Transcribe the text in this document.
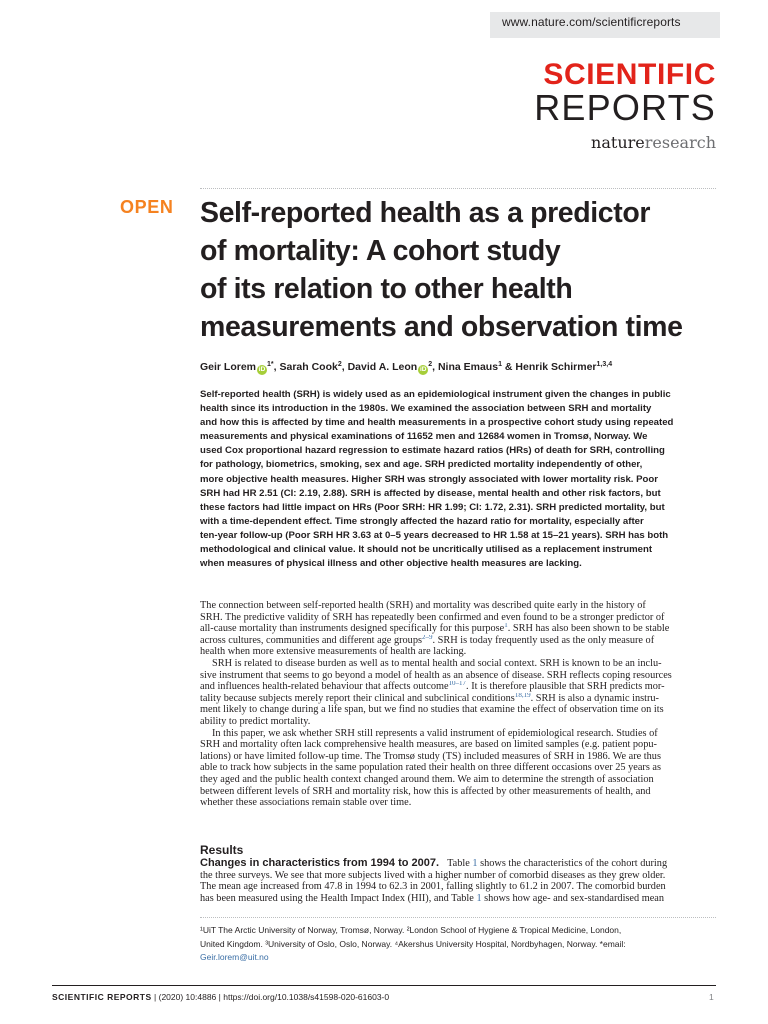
www.nature.com/scientificreports
SCIENTIFIC
REPORTS
natureresearch
OPEN Self-reported health as a predictor
of mortality: A cohort study
of its relation to other health
measurements and observation time
Geir Lorem $iD^{1*}$, Sarah Cook$^2$, David A. Leon $iD^2$, Nina Emaus$^1$ & Henrik Schirmer$^{1,3,4}$
Self-reported health (SRH) is widely used as an epidemiological instrument given the changes in public
health since its introduction in the 1980s. We examined the association between SRH and mortality
and how this is affected by time and health measurements in a prospective cohort study using repeated
measurements and physical examinations of 11652 men and 12684 women in Tromsø, Norway. We
used Cox proportional hazard regression to estimate hazard ratios (HRs) of death for SRH, controlling
for pathology, biometrics, smoking, sex and age. SRH predicted mortality independently of other,
more objective health measures. Higher SRH was strongly associated with lower mortality risk. Poor
SRH had HR 2.51 (CI: 2.19, 2.88). SRH is affected by disease, mental health and other risk factors, but
these factors had little impact on HRs (Poor SRH: HR 1.99; CI: 1.72, 2.31). SRH predicted mortality, but
with a time-dependent effect. Time strongly affected the hazard ratio for mortality, especially after
ten-year follow-up (Poor SRH HR 3.63 at 0–5 years decreased to HR 1.58 at 15–21 years). SRH has both
methodological and clinical value. It should not be uncritically utilised as a replacement instrument
when measures of physical illness and other objective health measures are lacking.
The connection between self-reported health (SRH) and mortality was described quite early in the history of
SRH. The predictive validity of SRH has repeatedly been confirmed and even found to be a stronger predictor of
all-cause mortality than instruments designed specifically for this purpose$^1$. SRH has also been shown to be stable
across cultures, communities and different age groups$^{2-9}$. SRH is today frequently used as the only measure of
health when more extensive measurements of health are lacking.
SRH is related to disease burden as well as to mental health and social context. SRH is known to be an inclu-
sive instrument that seems to go beyond a model of health as an absence of disease. SRH reflects coping resources
and influences health-related behaviour that affects outcome$^{10-17}$. It is therefore plausible that SRH predicts mor-
tality because subjects merely report their clinical and subclinical conditions$^{18,19}$. SRH is also a dynamic instru-
ment likely to change during a life span, but we find no studies that examine the effect of observation time on its
ability to predict mortality.
In this paper, we ask whether SRH still represents a valid instrument of epidemiological research. Studies of
SRH and mortality often lack comprehensive health measures, are based on limited samples (e.g. patient popu-
lations) or have limited follow-up time. The Tromsø study (TS) included measures of SRH in 1986. We are thus
able to track how subjects in the same population rated their health on three different occasions over 25 years as
they aged and the public health context changed around them. We aim to determine the strength of association
between different levels of SRH and mortality risk, how this is affected by other measurements of health, and
whether these associations remain stable over time.
Results
Changes in characteristics from 1994 to 2007. Table 1 shows the characteristics of the cohort during
the three surveys. We see that more subjects lived with a higher number of comorbid diseases as they grew older.
The mean age increased from 47.8 in 1994 to 62.3 in 2001, falling slightly to 61.2 in 2007. The comorbid burden
has been measured using the Health Impact Index (HII), and Table 1 shows how age- and sex-standardised mean
¹UiT The Arctic University of Norway, Tromsø, Norway. ²London School of Hygiene & Tropical Medicine, London,
United Kingdom. ³University of Oslo, Oslo, Norway. ⁴Akershus University Hospital, Nordbyhagen, Norway. *email:
Geir.lorem@uit.no
SCIENTIFIC REPORTS | (2020) 10:4886 | https://doi.org/10.1038/s41598-020-61603-0	1
